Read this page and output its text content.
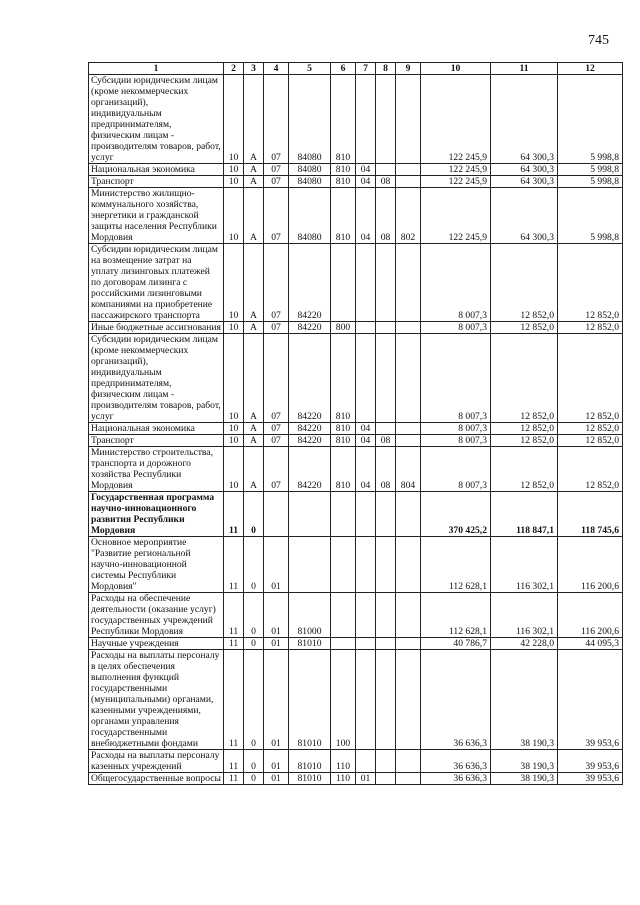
745
1	2	3	4	5	6	7	8	9	10	11	12
Субсидии юридическим лицам (кроме некоммерческих организаций), индивидуальным предпринимателям, физическим лицам - производителям товаров, работ, услуг	10	А	07	84080	810				122 245,9	64 300,3	5 998,8
Национальная экономика	10	А	07	84080	810	04			122 245,9	64 300,3	5 998,8
Транспорт	10	А	07	84080	810	04	08		122 245,9	64 300,3	5 998,8
Министерство жилищно-коммунального хозяйства, энергетики и гражданской защиты населения Республики Мордовия	10	А	07	84080	810	04	08	802	122 245,9	64 300,3	5 998,8
Субсидии юридическим лицам на возмещение затрат на уплату лизинговых платежей по договорам лизинга с российскими лизинговыми компаниями на приобретение пассажирского транспорта	10	А	07	84220					8 007,3	12 852,0	12 852,0
Иные бюджетные ассигнования	10	А	07	84220	800				8 007,3	12 852,0	12 852,0
Субсидии юридическим лицам (кроме некоммерческих организаций), индивидуальным предпринимателям, физическим лицам - производителям товаров, работ, услуг	10	А	07	84220	810				8 007,3	12 852,0	12 852,0
Национальная экономика	10	А	07	84220	810	04			8 007,3	12 852,0	12 852,0
Транспорт	10	А	07	84220	810	04	08		8 007,3	12 852,0	12 852,0
Министерство строительства, транспорта и дорожного хозяйства Республики Мордовия	10	А	07	84220	810	04	08	804	8 007,3	12 852,0	12 852,0
Государственная программа научно-инновационного развития Республики Мордовия	11	0							370 425,2	118 847,1	118 745,6
Основное мероприятие "Развитие региональной научно-инновационной системы Республики Мордовия"	11	0	01						112 628,1	116 302,1	116 200,6
Расходы на обеспечение деятельности (оказание услуг) государственных учреждений Республики Мордовия	11	0	01	81000					112 628,1	116 302,1	116 200,6
Научные учреждения	11	0	01	81010					40 786,7	42 228,0	44 095,3
Расходы на выплаты персоналу в целях обеспечения выполнения функций государственными (муниципальными) органами, казенными учреждениями, органами управления государственными внебюджетными фондами	11	0	01	81010	100				36 636,3	38 190,3	39 953,6
Расходы на выплаты персоналу казенных учреждений	11	0	01	81010	110				36 636,3	38 190,3	39 953,6
Общегосударственные вопросы	11	0	01	81010	110	01			36 636,3	38 190,3	39 953,6
